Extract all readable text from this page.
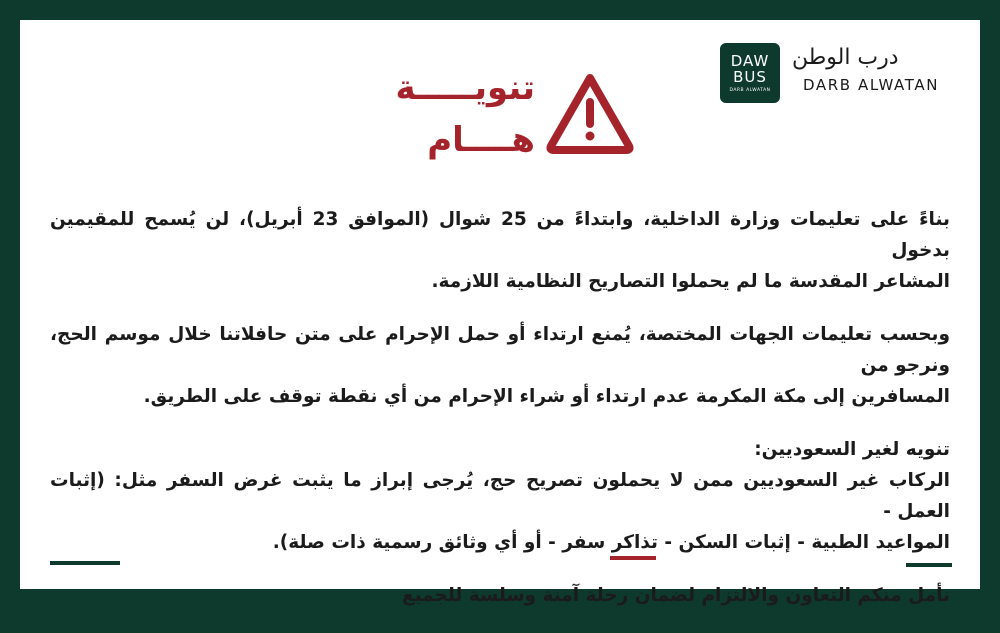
DAW
BUS
DARB ALWATAN
درب الوطن
DARB ALWATAN
تنويـــــة
هــــام

بناءً على تعليمات وزارة الداخلية، وابتداءً من 25 شوال (الموافق 23 أبريل)، لن يُسمح للمقيمين بدخول
المشاعر المقدسة ما لم يحملوا التصاريح النظامية اللازمة.

وبحسب تعليمات الجهات المختصة، يُمنع ارتداء أو حمل الإحرام على متن حافلاتنا خلال موسم الحج، ونرجو من
المسافرين إلى مكة المكرمة عدم ارتداء أو شراء الإحرام من أي نقطة توقف على الطريق.

تنويه لغير السعوديين:
الركاب غير السعوديين ممن لا يحملون تصريح حج، يُرجى إبراز ما يثبت غرض السفر مثل: (إثبات العمل -
المواعيد الطبية - إثبات السكن - تذاكر سفر - أو أي وثائق رسمية ذات صلة).

نأمل منكم التعاون والالتزام لضمان رحلة آمنة وسلسة للجميع
